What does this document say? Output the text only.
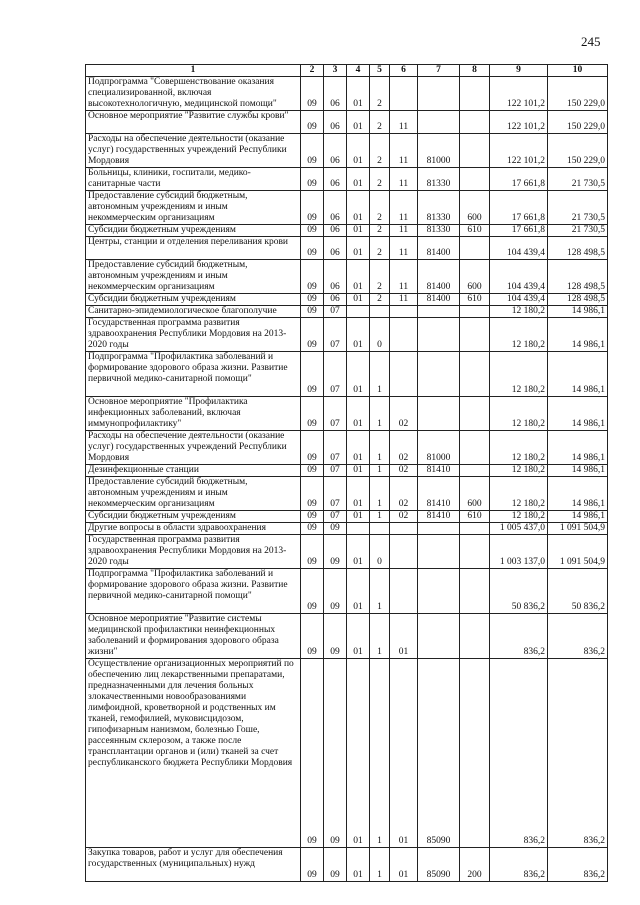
245
1	2	3	4	5	6	7	8	9	10
Подпрограмма "Совершенствование оказания специализированной, включая высокотехнологичную, медицинской помощи"	09	06	01	2				122 101,2	150 229,0
Основное мероприятие "Развитие службы крови"	09	06	01	2	11			122 101,2	150 229,0
Расходы на обеспечение деятельности (оказание услуг) государственных учреждений Республики Мордовия	09	06	01	2	11	81000		122 101,2	150 229,0
Больницы, клиники, госпитали, медико-санитарные части	09	06	01	2	11	81330		17 661,8	21 730,5
Предоставление субсидий бюджетным, автономным учреждениям и иным некоммерческим организациям	09	06	01	2	11	81330	600	17 661,8	21 730,5
Субсидии бюджетным учреждениям	09	06	01	2	11	81330	610	17 661,8	21 730,5
Центры, станции и отделения переливания крови	09	06	01	2	11	81400		104 439,4	128 498,5
Предоставление субсидий бюджетным, автономным учреждениям и иным некоммерческим организациям	09	06	01	2	11	81400	600	104 439,4	128 498,5
Субсидии бюджетным учреждениям	09	06	01	2	11	81400	610	104 439,4	128 498,5
Санитарно-эпидемиологическое благополучие	09	07						12 180,2	14 986,1
Государственная программа развития здравоохранения Республики Мордовия на 2013-2020 годы	09	07	01	0				12 180,2	14 986,1
Подпрограмма "Профилактика заболеваний и формирование здорового образа жизни. Развитие первичной медико-санитарной помощи"	09	07	01	1				12 180,2	14 986,1
Основное мероприятие "Профилактика инфекционных заболеваний, включая иммунопрофилактику"	09	07	01	1	02			12 180,2	14 986,1
Расходы на обеспечение деятельности (оказание услуг) государственных учреждений Республики Мордовия	09	07	01	1	02	81000		12 180,2	14 986,1
Дезинфекционные станции	09	07	01	1	02	81410		12 180,2	14 986,1
Предоставление субсидий бюджетным, автономным учреждениям и иным некоммерческим организациям	09	07	01	1	02	81410	600	12 180,2	14 986,1
Субсидии бюджетным учреждениям	09	07	01	1	02	81410	610	12 180,2	14 986,1
Другие вопросы в области здравоохранения	09	09						1 005 437,0	1 091 504,9
Государственная программа развития здравоохранения Республики Мордовия на 2013-2020 годы	09	09	01	0				1 003 137,0	1 091 504,9
Подпрограмма "Профилактика заболеваний и формирование здорового образа жизни. Развитие первичной медико-санитарной помощи"	09	09	01	1				50 836,2	50 836,2
Основное мероприятие "Развитие системы медицинской профилактики неинфекционных заболеваний и формирования здорового образа жизни"	09	09	01	1	01			836,2	836,2
Осуществление организационных мероприятий по обеспечению лиц лекарственными препаратами, предназначенными для лечения больных злокачественными новообразованиями лимфоидной, кроветворной и родственных им тканей, гемофилией, муковисцидозом, гипофизарным нанизмом, болезнью Гоше, рассеянным склерозом, а также после трансплантации органов и (или) тканей за счет республиканского бюджета Республики Мордовия	09	09	01	1	01	85090		836,2	836,2
Закупка товаров, работ и услуг для обеспечения государственных (муниципальных) нужд	09	09	01	1	01	85090	200	836,2	836,2
